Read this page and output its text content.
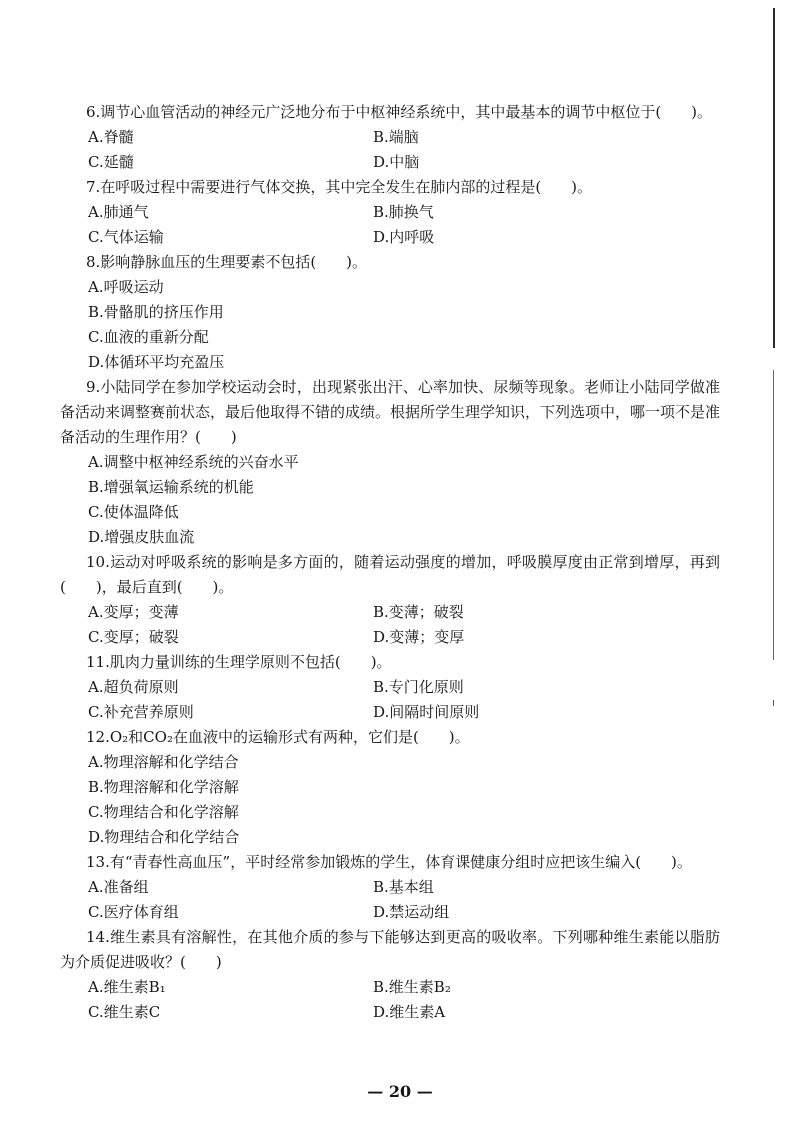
6.调节心血管活动的神经元广泛地分布于中枢神经系统中，其中最基本的调节中枢位于(　　)。

A.脊髓	B.端脑
C.延髓	D.中脑

7.在呼吸过程中需要进行气体交换，其中完全发生在肺内部的过程是(　　)。

A.肺通气	B.肺换气
C.气体运输	D.内呼吸

8.影响静脉血压的生理要素不包括(　　)。

A.呼吸运动
B.骨骼肌的挤压作用
C.血液的重新分配
D.体循环平均充盈压

9.小陆同学在参加学校运动会时，出现紧张出汗、心率加快、尿频等现象。老师让小陆同学做准备活动来调整赛前状态，最后他取得不错的成绩。根据所学生理学知识，下列选项中，哪一项不是准备活动的生理作用？(　　)

A.调整中枢神经系统的兴奋水平
B.增强氧运输系统的机能
C.使体温降低
D.增强皮肤血流

10.运动对呼吸系统的影响是多方面的，随着运动强度的增加，呼吸膜厚度由正常到增厚，再到(　　)，最后直到(　　)。

A.变厚；变薄	B.变薄；破裂
C.变厚；破裂	D.变薄；变厚

11.肌肉力量训练的生理学原则不包括(　　)。

A.超负荷原则	B.专门化原则
C.补充营养原则	D.间隔时间原则

12.O₂和CO₂在血液中的运输形式有两种，它们是(　　)。

A.物理溶解和化学结合
B.物理溶解和化学溶解
C.物理结合和化学溶解
D.物理结合和化学结合

13.有“青春性高血压”，平时经常参加锻炼的学生，体育课健康分组时应把该生编入(　　)。

A.准备组	B.基本组
C.医疗体育组	D.禁运动组

14.维生素具有溶解性，在其他介质的参与下能够达到更高的吸收率。下列哪种维生素能以脂肪为介质促进吸收？(　　)

A.维生素B₁	B.维生素B₂
C.维生素C	D.维生素A
— 20 —
